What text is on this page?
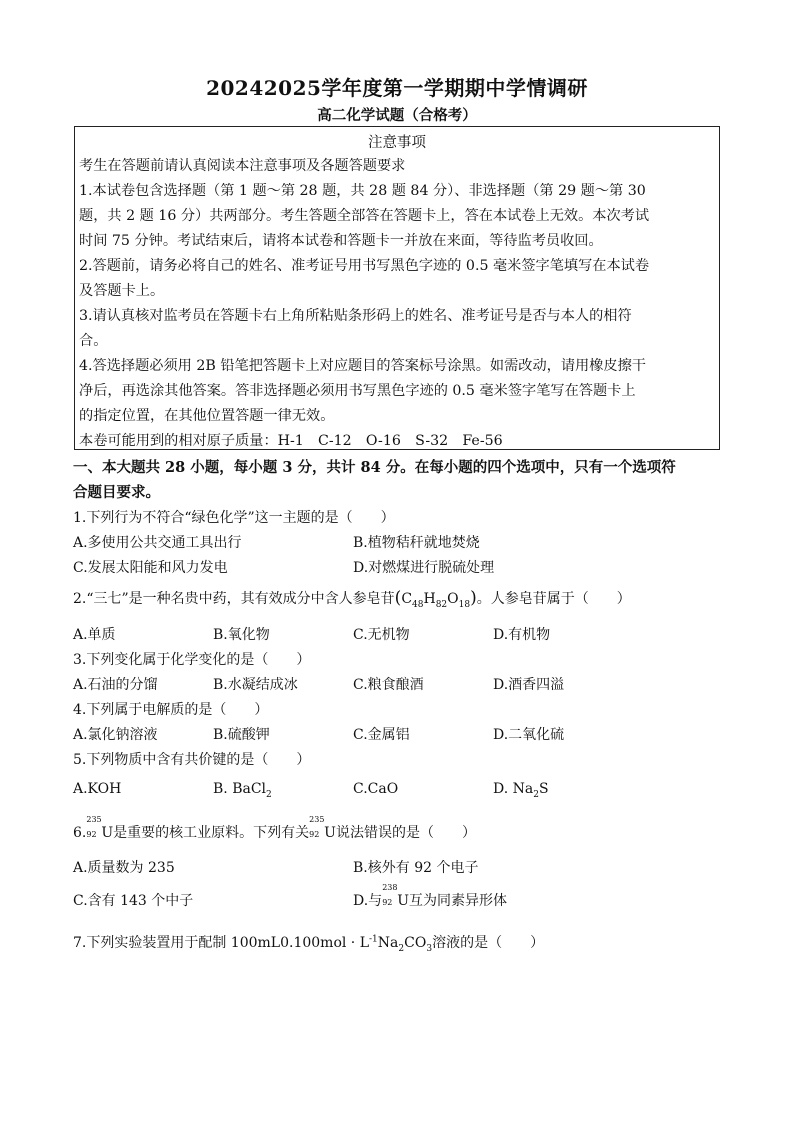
20242025学年度第一学期期中学情调研
高二化学试题（合格考）
注意事项
考生在答题前请认真阅读本注意事项及各题答题要求
1.本试卷包含选择题（第 1 题～第 28 题，共 28 题 84 分）、非选择题（第 29 题～第 30
题，共 2 题 16 分）共两部分。考生答题全部答在答题卡上，答在本试卷上无效。本次考试
时间 75 分钟。考试结束后，请将本试卷和答题卡一并放在来面，等待监考员收回。
2.答题前，请务必将自己的姓名、准考证号用书写黑色字迹的 0.5 毫米签字笔填写在本试卷
及答题卡上。
3.请认真核对监考员在答题卡右上角所粘贴条形码上的姓名、准考证号是否与本人的相符
合。
4.答选择题必须用 2B 铅笔把答题卡上对应题目的答案标号涂黑。如需改动，请用橡皮擦干
净后，再选涂其他答案。答非选择题必须用书写黑色字迹的 0.5 毫米签字笔写在答题卡上
的指定位置，在其他位置答题一律无效。
本卷可能用到的相对原子质量：H-1　C-12　O-16　S-32　Fe-56
一、本大题共 28 小题，每小题 3 分，共计 84 分。在每小题的四个选项中，只有一个选项符
合题目要求。
1.下列行为不符合“绿色化学”这一主题的是（　　）
A.多使用公共交通工具出行	B.植物秸秆就地焚烧
C.发展太阳能和风力发电	D.对燃煤进行脱硫处理
2.“三七”是一种名贵中药，其有效成分中含人参皂苷$(C_{48}H_{82}O_{18})$。人参皂苷属于（　　）
A.单质	B.氧化物	C.无机物	D.有机物
3.下列变化属于化学变化的是（　　）
A.石油的分馏	B.水凝结成冰	C.粮食酿酒	D.酒香四溢
4.下列属于电解质的是（　　）
A.氯化钠溶液	B.硫酸钾	C.金属铝	D.二氧化硫
5.下列物质中含有共价键的是（　　）
A.KOH	B. BaCl$_2$	C.CaO	D. $Na_2S$
6.
235
92 U是重要的核工业原料。下列有关
235
92 U说法错误的是（　　）
A.质量数为 235	B.核外有 92 个电子
C.含有 143 个中子	D.与
238
92 U互为同素异形体
7.下列实验装置用于配制 $100mL0.100mol \cdot L^{-1}Na_2CO_3$溶液的是（　　）
